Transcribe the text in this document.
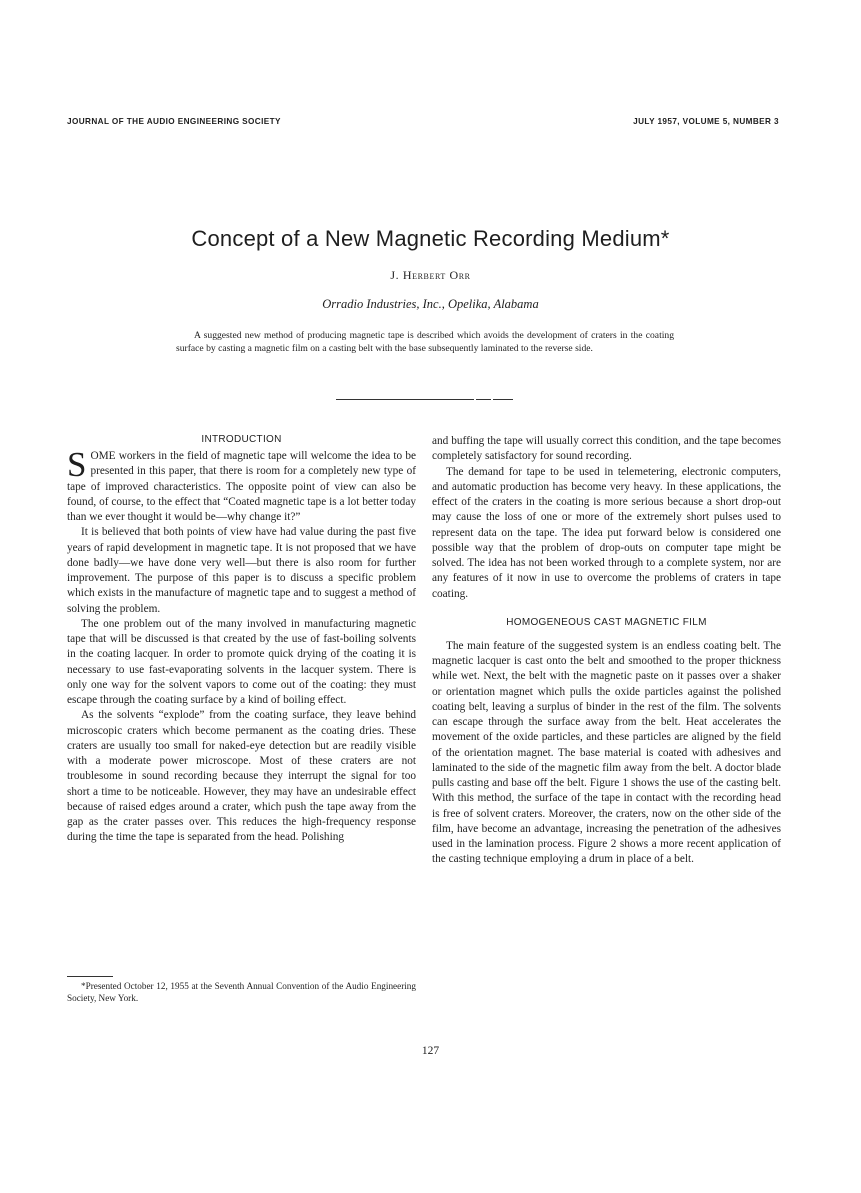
JOURNAL OF THE AUDIO ENGINEERING SOCIETY	JULY 1957, VOLUME 5, NUMBER 3
Concept of a New Magnetic Recording Medium*
J. Herbert Orr
Orradio Industries, Inc., Opelika, Alabama

A suggested new method of producing magnetic tape is described which avoids the development of craters in the coating surface by casting a magnetic film on a casting belt with the base subsequently laminated to the reverse side.

INTRODUCTION

SOME workers in the field of magnetic tape will welcome the idea to be presented in this paper, that there is room for a completely new type of tape of improved characteristics. The opposite point of view can also be found, of course, to the effect that “Coated magnetic tape is a lot better today than we ever thought it would be—why change it?”

It is believed that both points of view have had value during the past five years of rapid development in magnetic tape. It is not proposed that we have done badly—we have done very well—but there is also room for further improvement. The purpose of this paper is to discuss a specific problem which exists in the manufacture of magnetic tape and to suggest a method of solving the problem.

The one problem out of the many involved in manufacturing magnetic tape that will be discussed is that created by the use of fast-boiling solvents in the coating lacquer. In order to promote quick drying of the coating it is necessary to use fast-evaporating solvents in the lacquer system. There is only one way for the solvent vapors to come out of the coating: they must escape through the coating surface by a kind of boiling effect.

As the solvents “explode” from the coating surface, they leave behind microscopic craters which become permanent as the coating dries. These craters are usually too small for naked-eye detection but are readily visible with a moderate power microscope. Most of these craters are not troublesome in sound recording because they interrupt the signal for too short a time to be noticeable. However, they may have an undesirable effect because of raised edges around a crater, which push the tape away from the gap as the crater passes over. This reduces the high-frequency response during the time the tape is separated from the head. Polishing

and buffing the tape will usually correct this condition, and the tape becomes completely satisfactory for sound recording.

The demand for tape to be used in telemetering, electronic computers, and automatic production has become very heavy. In these applications, the effect of the craters in the coating is more serious because a short drop-out may cause the loss of one or more of the extremely short pulses used to represent data on the tape. The idea put forward below is considered one possible way that the problem of drop-outs on computer tape might be solved. The idea has not been worked through to a complete system, nor are any features of it now in use to overcome the problems of craters in tape coating.

HOMOGENEOUS CAST MAGNETIC FILM

The main feature of the suggested system is an endless coating belt. The magnetic lacquer is cast onto the belt and smoothed to the proper thickness while wet. Next, the belt with the magnetic paste on it passes over a shaker or orientation magnet which pulls the oxide particles against the polished coating belt, leaving a surplus of binder in the rest of the film. The solvents can escape through the surface away from the belt. Heat accelerates the movement of the oxide particles, and these particles are aligned by the field of the orientation magnet. The base material is coated with adhesives and laminated to the side of the magnetic film away from the belt. A doctor blade pulls casting and base off the belt. Figure 1 shows the use of the casting belt. With this method, the surface of the tape in contact with the recording head is free of solvent craters. Moreover, the craters, now on the other side of the film, have become an advantage, increasing the penetration of the adhesives used in the lamination process. Figure 2 shows a more recent application of the casting technique employing a drum in place of a belt.

*Presented October 12, 1955 at the Seventh Annual Convention of the Audio Engineering Society, New York.

127
